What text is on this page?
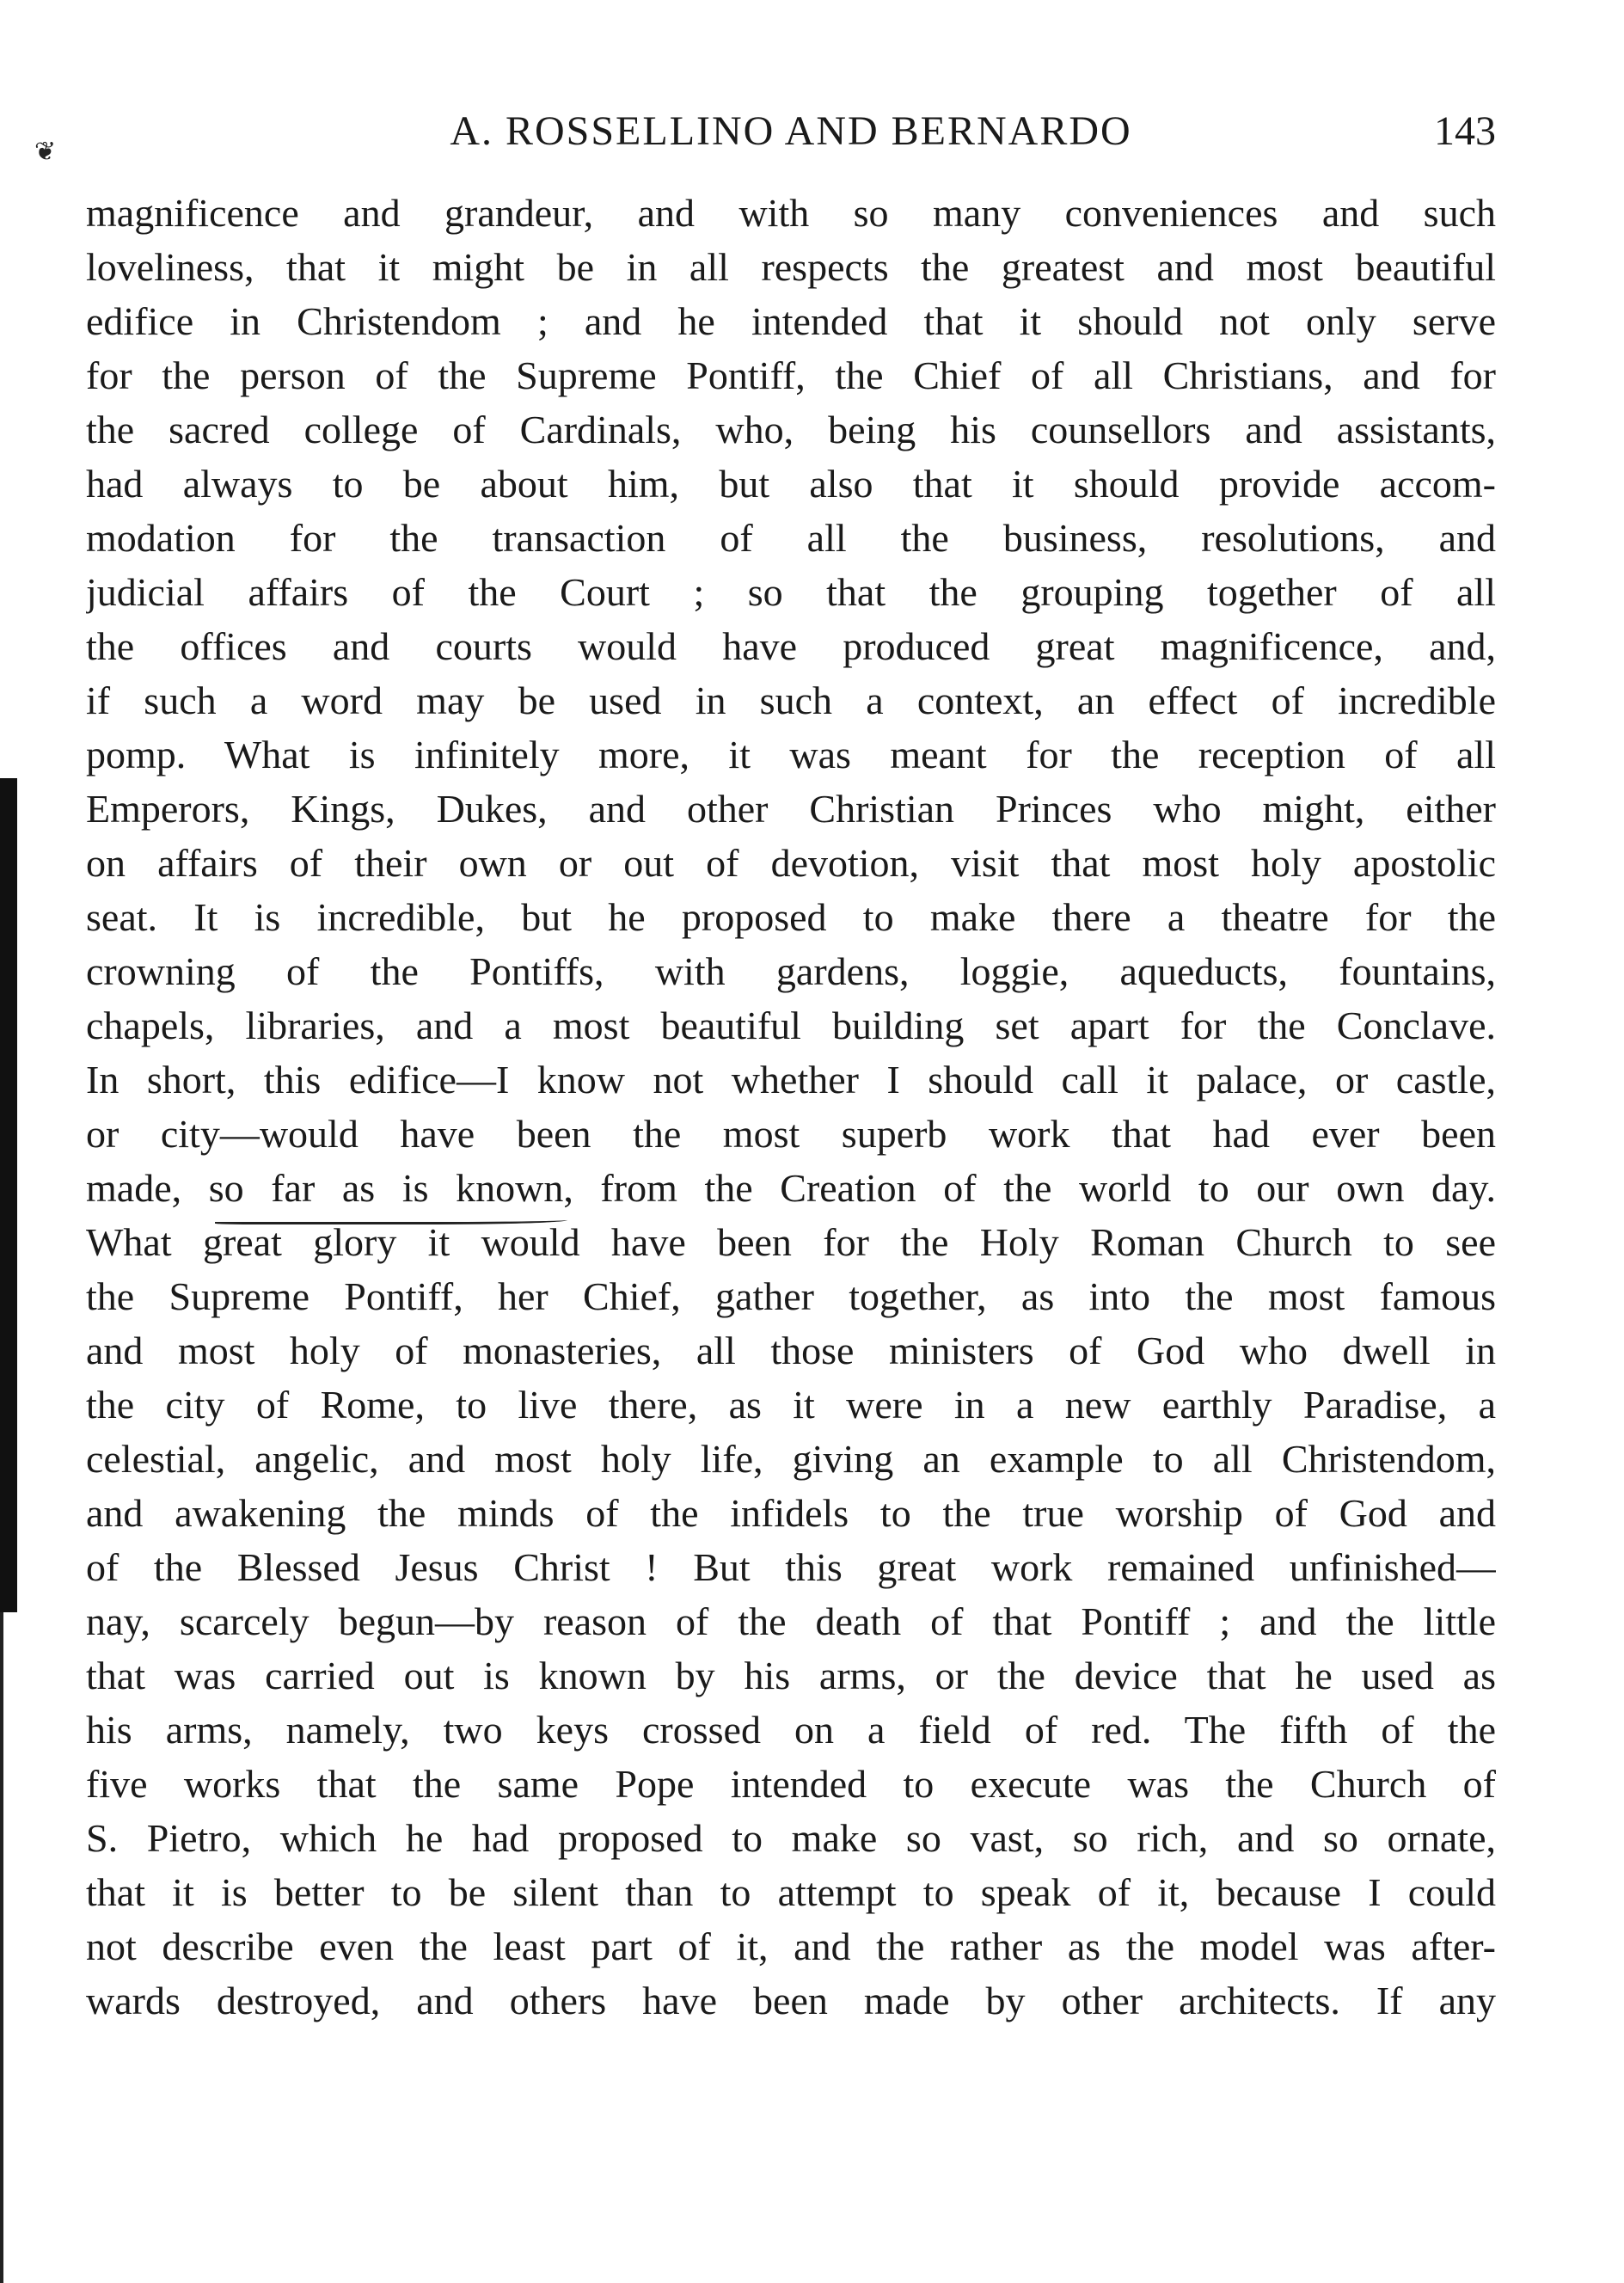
❦	A. ROSSELLINO AND BERNARDO	143
magnificence and grandeur, and with so many conveniences and such
loveliness, that it might be in all respects the greatest and most beautiful
edifice in Christendom ; and he intended that it should not only serve
for the person of the Supreme Pontiff, the Chief of all Christians, and for
the sacred college of Cardinals, who, being his counsellors and assistants,
had always to be about him, but also that it should provide accom-
modation for the transaction of all the business, resolutions, and
judicial affairs of the Court ; so that the grouping together of all
the offices and courts would have produced great magnificence, and,
if such a word may be used in such a context, an effect of incredible
pomp. What is infinitely more, it was meant for the reception of all
Emperors, Kings, Dukes, and other Christian Princes who might, either
on affairs of their own or out of devotion, visit that most holy apostolic
seat. It is incredible, but he proposed to make there a theatre for the
crowning of the Pontiffs, with gardens, loggie, aqueducts, fountains,
chapels, libraries, and a most beautiful building set apart for the Conclave.
In short, this edifice—I know not whether I should call it palace, or castle,
or city—would have been the most superb work that had ever been
made, so far as is known, from the Creation of the world to our own day.
What great glory it would have been for the Holy Roman Church to see
the Supreme Pontiff, her Chief, gather together, as into the most famous
and most holy of monasteries, all those ministers of God who dwell in
the city of Rome, to live there, as it were in a new earthly Paradise, a
celestial, angelic, and most holy life, giving an example to all Christendom,
and awakening the minds of the infidels to the true worship of God and
of the Blessed Jesus Christ ! But this great work remained unfinished—
nay, scarcely begun—by reason of the death of that Pontiff ; and the little
that was carried out is known by his arms, or the device that he used as
his arms, namely, two keys crossed on a field of red. The fifth of the
five works that the same Pope intended to execute was the Church of
S. Pietro, which he had proposed to make so vast, so rich, and so ornate,
that it is better to be silent than to attempt to speak of it, because I could
not describe even the least part of it, and the rather as the model was after-
wards destroyed, and others have been made by other architects. If any
